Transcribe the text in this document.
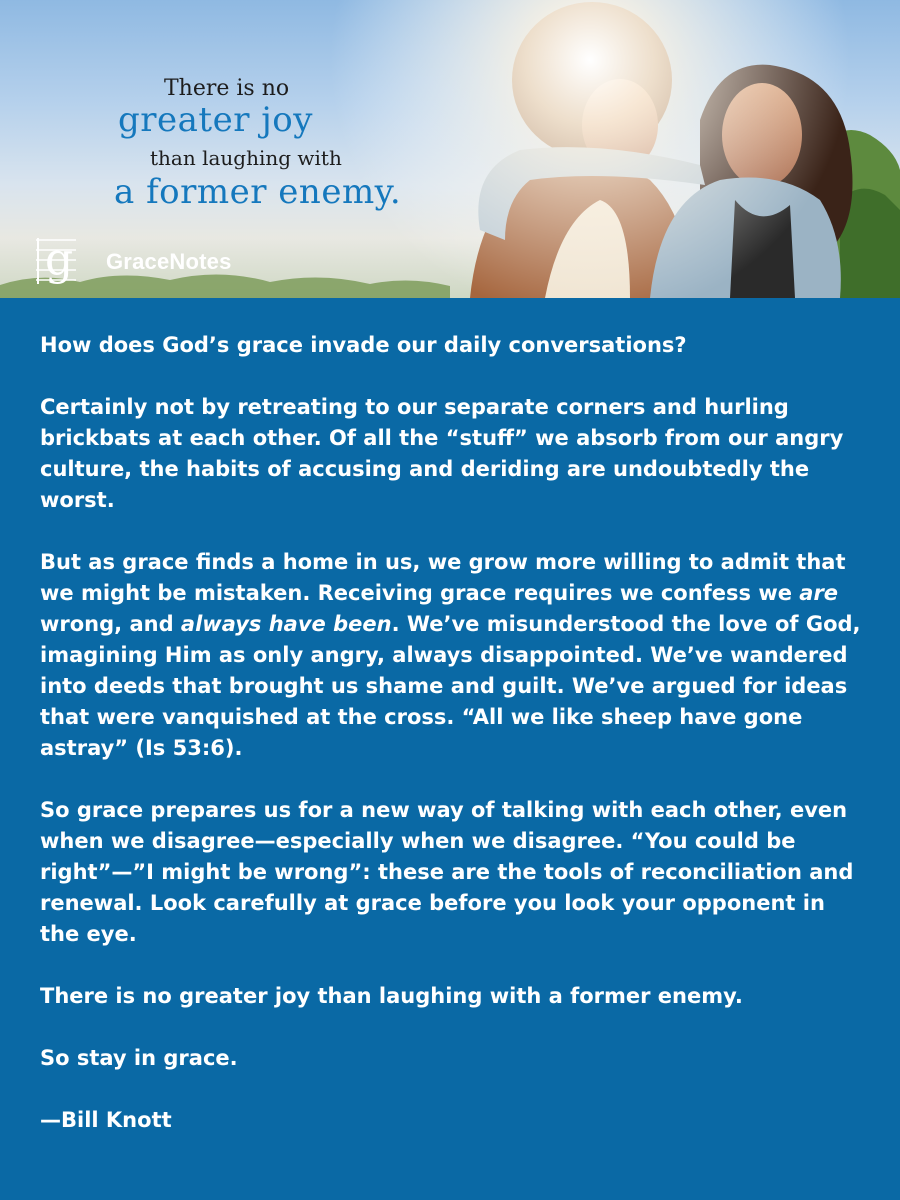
There is no
greater joy
than laughing with
a former enemy.
g GraceNotes

How does God’s grace invade our daily conversations?

Certainly not by retreating to our separate corners and hurling brickbats at each other. Of all the “stuff” we absorb from our angry culture, the habits of accusing and deriding are undoubtedly the worst.

But as grace finds a home in us, we grow more willing to admit that we might be mistaken. Receiving grace requires we confess we are wrong, and always have been. We’ve misunderstood the love of God, imagining Him as only angry, always disappointed. We’ve wandered into deeds that brought us shame and guilt. We’ve argued for ideas that were vanquished at the cross. “All we like sheep have gone astray” (Is 53:6).

So grace prepares us for a new way of talking with each other, even when we disagree—especially when we disagree. “You could be right”—”I might be wrong”: these are the tools of reconciliation and renewal. Look carefully at grace before you look your opponent in the eye.

There is no greater joy than laughing with a former enemy.

So stay in grace.

—Bill Knott
